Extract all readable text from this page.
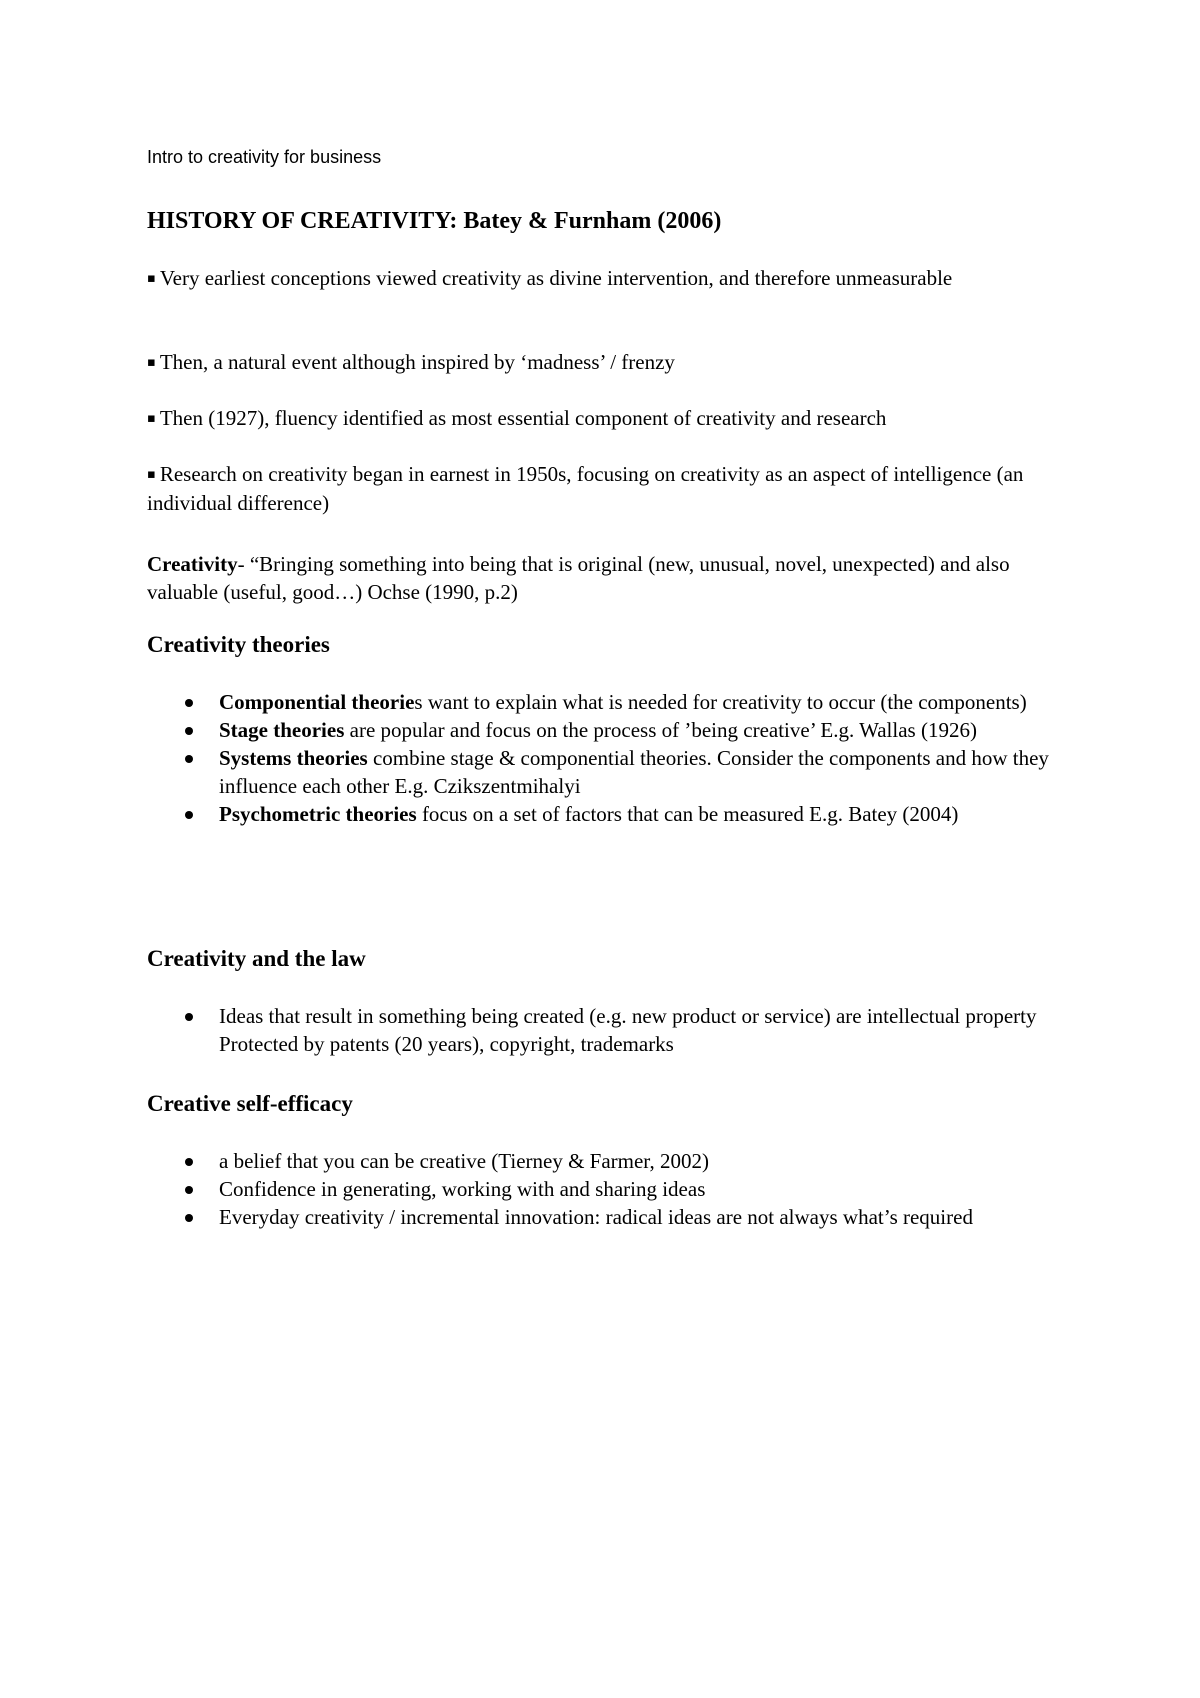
Intro to creativity for business
HISTORY OF CREATIVITY: Batey & Furnham (2006)
▪ Very earliest conceptions viewed creativity as divine intervention, and therefore unmeasurable
▪ Then, a natural event although inspired by ‘madness’ / frenzy
▪ Then (1927), fluency identified as most essential component of creativity and research
▪ Research on creativity began in earnest in 1950s, focusing on creativity as an aspect of intelligence (an individual difference)
Creativity- “Bringing something into being that is original (new, unusual, novel, unexpected) and also valuable (useful, good…) Ochse (1990, p.2)
Creativity theories
Componential theories want to explain what is needed for creativity to occur (the components)
Stage theories are popular and focus on the process of ’being creative’ E.g. Wallas (1926)
Systems theories combine stage & componential theories. Consider the components and how they influence each other E.g. Czikszentmihalyi
Psychometric theories focus on a set of factors that can be measured E.g. Batey (2004)
Creativity and the law
Ideas that result in something being created (e.g. new product or service) are intellectual property Protected by patents (20 years), copyright, trademarks
Creative self-efficacy
a belief that you can be creative (Tierney & Farmer, 2002)
Confidence in generating, working with and sharing ideas
Everyday creativity / incremental innovation: radical ideas are not always what’s required
